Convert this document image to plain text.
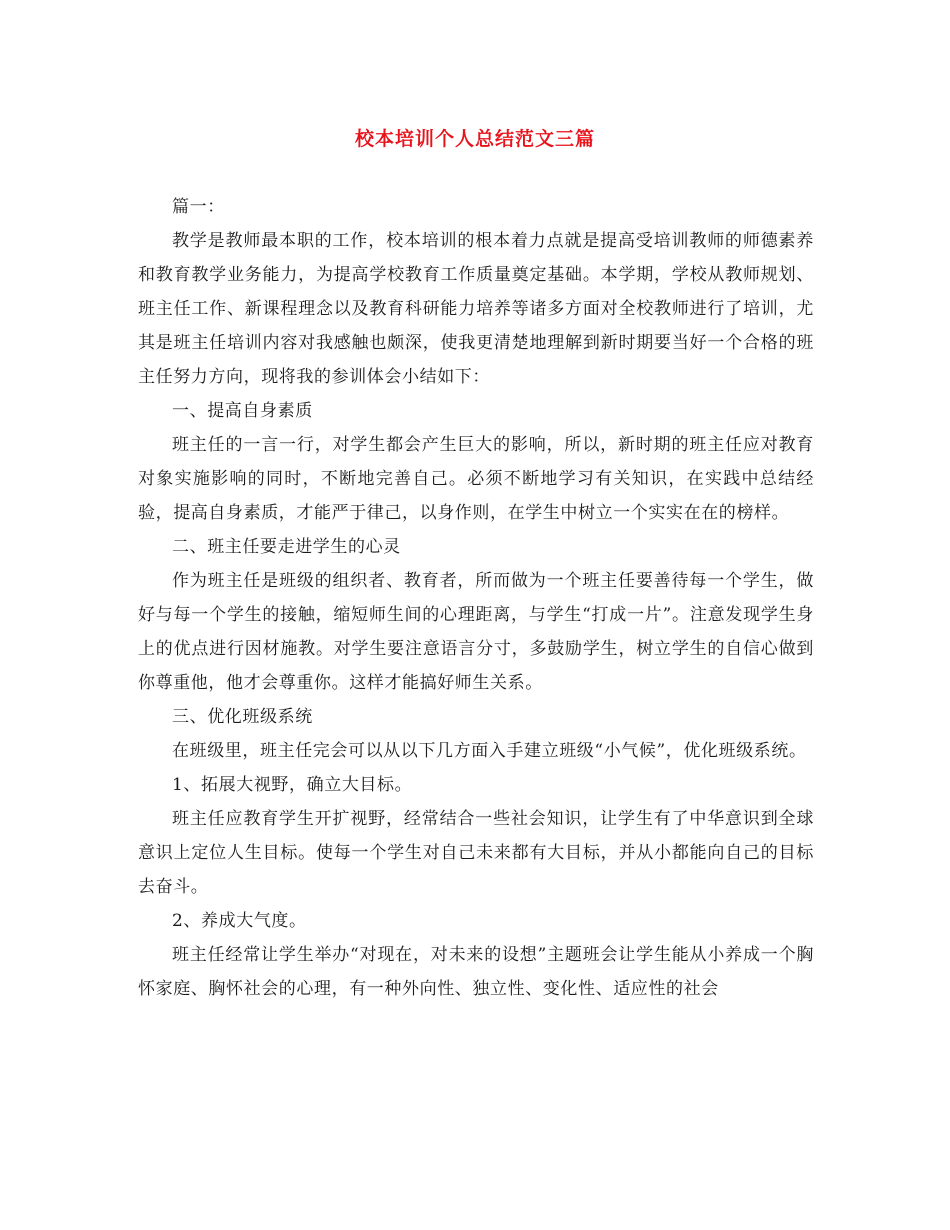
校本培训个人总结范文三篇

篇一：

教学是教师最本职的工作，校本培训的根本着力点就是提高受培训教师的师德素养和教育教学业务能力，为提高学校教育工作质量奠定基础。本学期，学校从教师规划、班主任工作、新课程理念以及教育科研能力培养等诸多方面对全校教师进行了培训，尤其是班主任培训内容对我感触也颇深，使我更清楚地理解到新时期要当好一个合格的班主任努力方向，现将我的参训体会小结如下：

一、提高自身素质

班主任的一言一行，对学生都会产生巨大的影响，所以，新时期的班主任应对教育对象实施影响的同时，不断地完善自己。必须不断地学习有关知识，在实践中总结经验，提高自身素质，才能严于律己，以身作则，在学生中树立一个实实在在的榜样。

二、班主任要走进学生的心灵

作为班主任是班级的组织者、教育者，所而做为一个班主任要善待每一个学生，做好与每一个学生的接触，缩短师生间的心理距离，与学生“打成一片”。注意发现学生身上的优点进行因材施教。对学生要注意语言分寸，多鼓励学生，树立学生的自信心做到你尊重他，他才会尊重你。这样才能搞好师生关系。

三、优化班级系统

在班级里，班主任完会可以从以下几方面入手建立班级“小气候”，优化班级系统。

1、拓展大视野，确立大目标。

班主任应教育学生开扩视野，经常结合一些社会知识，让学生有了中华意识到全球意识上定位人生目标。使每一个学生对自己未来都有大目标，并从小都能向自己的目标去奋斗。

2、养成大气度。

班主任经常让学生举办“对现在，对未来的设想”主题班会让学生能从小养成一个胸怀家庭、胸怀社会的心理，有一种外向性、独立性、变化性、适应性的社会
